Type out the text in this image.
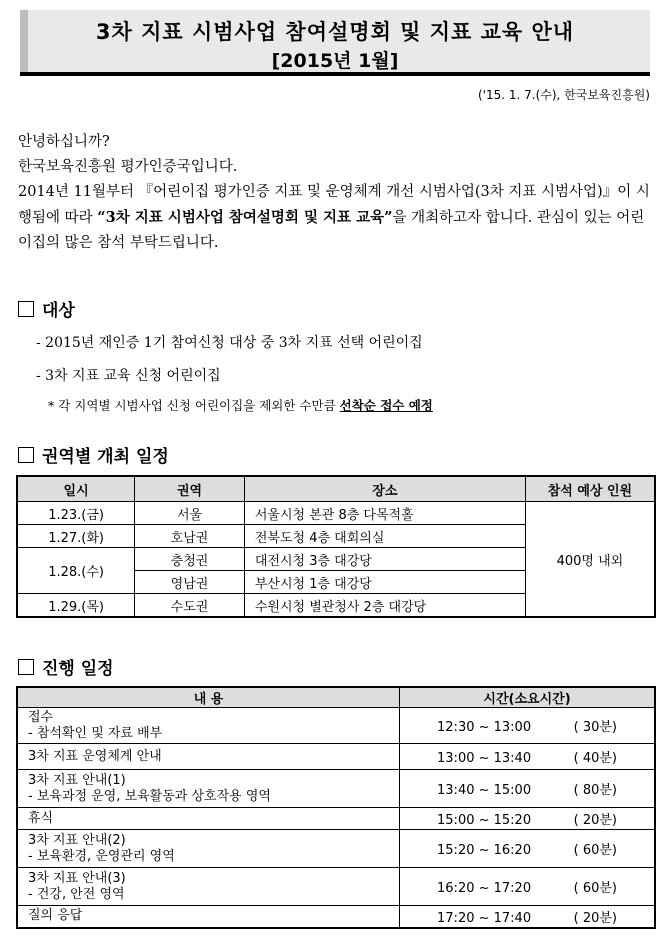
3차 지표 시범사업 참여설명회 및 지표 교육 안내
[2015년 1월]
('15. 1. 7.(수), 한국보육진흥원)
안녕하십니까?
한국보육진흥원 평가인증국입니다.
2014년 11월부터 『어린이집 평가인증 지표 및 운영체계 개선 시범사업(3차 지표 시범사업)』이 시행됨에 따라 “3차 지표 시범사업 참여설명회 및 지표 교육”을 개최하고자 합니다. 관심이 있는 어린이집의 많은 참석 부탁드립니다.
대상
- 2015년 재인증 1기 참여신청 대상 중 3차 지표 선택 어린이집
- 3차 지표 교육 신청 어린이집
* 각 지역별 시범사업 신청 어린이집을 제외한 수만큼 선착순 접수 예정
권역별 개최 일정
일시	권역	장소	참석 예상 인원
1.23.(금)	서울	서울시청 본관 8층 다목적홀	400명 내외
1.27.(화)	호남권	전북도청 4층 대회의실	
1.28.(수)	충청권	대전시청 3층 대강당	
	영남권	부산시청 1층 대강당	
1.29.(목)	수도권	수원시청 별관청사 2층 대강당	
진행 일정
내 용	시간(소요시간)

접수
- 참석확인 및 자료 배부	12:30 ~ 13:00 ( 30분)

3차 지표 운영체계 안내	13:00 ~ 13:40 ( 40분)

3차 지표 안내(1)
- 보육과정 운영, 보육활동과 상호작용 영역	13:40 ~ 15:00 ( 80분)

휴식	15:00 ~ 15:20 ( 20분)

3차 지표 안내(2)
- 보육환경, 운영관리 영역	15:20 ~ 16:20 ( 60분)

3차 지표 안내(3)
- 건강, 안전 영역	16:20 ~ 17:20 ( 60분)

질의 응답	17:20 ~ 17:40 ( 20분)
